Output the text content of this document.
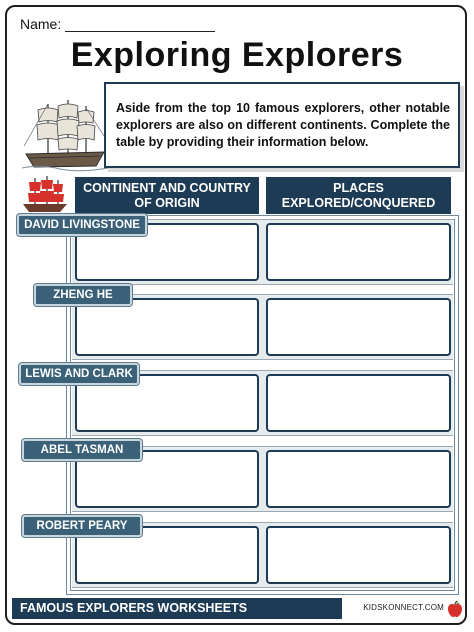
Name:
Exploring Explorers
Aside from the top 10 famous explorers, other notable explorers are also on different continents. Complete the table by providing their information below.
CONTINENT AND COUNTRY OF ORIGIN
PLACES EXPLORED/CONQUERED
DAVID LIVINGSTONE
ZHENG HE
LEWIS AND CLARK
ABEL TASMAN
ROBERT PEARY
FAMOUS EXPLORERS WORKSHEETS	KIDSKONNECT.COM
